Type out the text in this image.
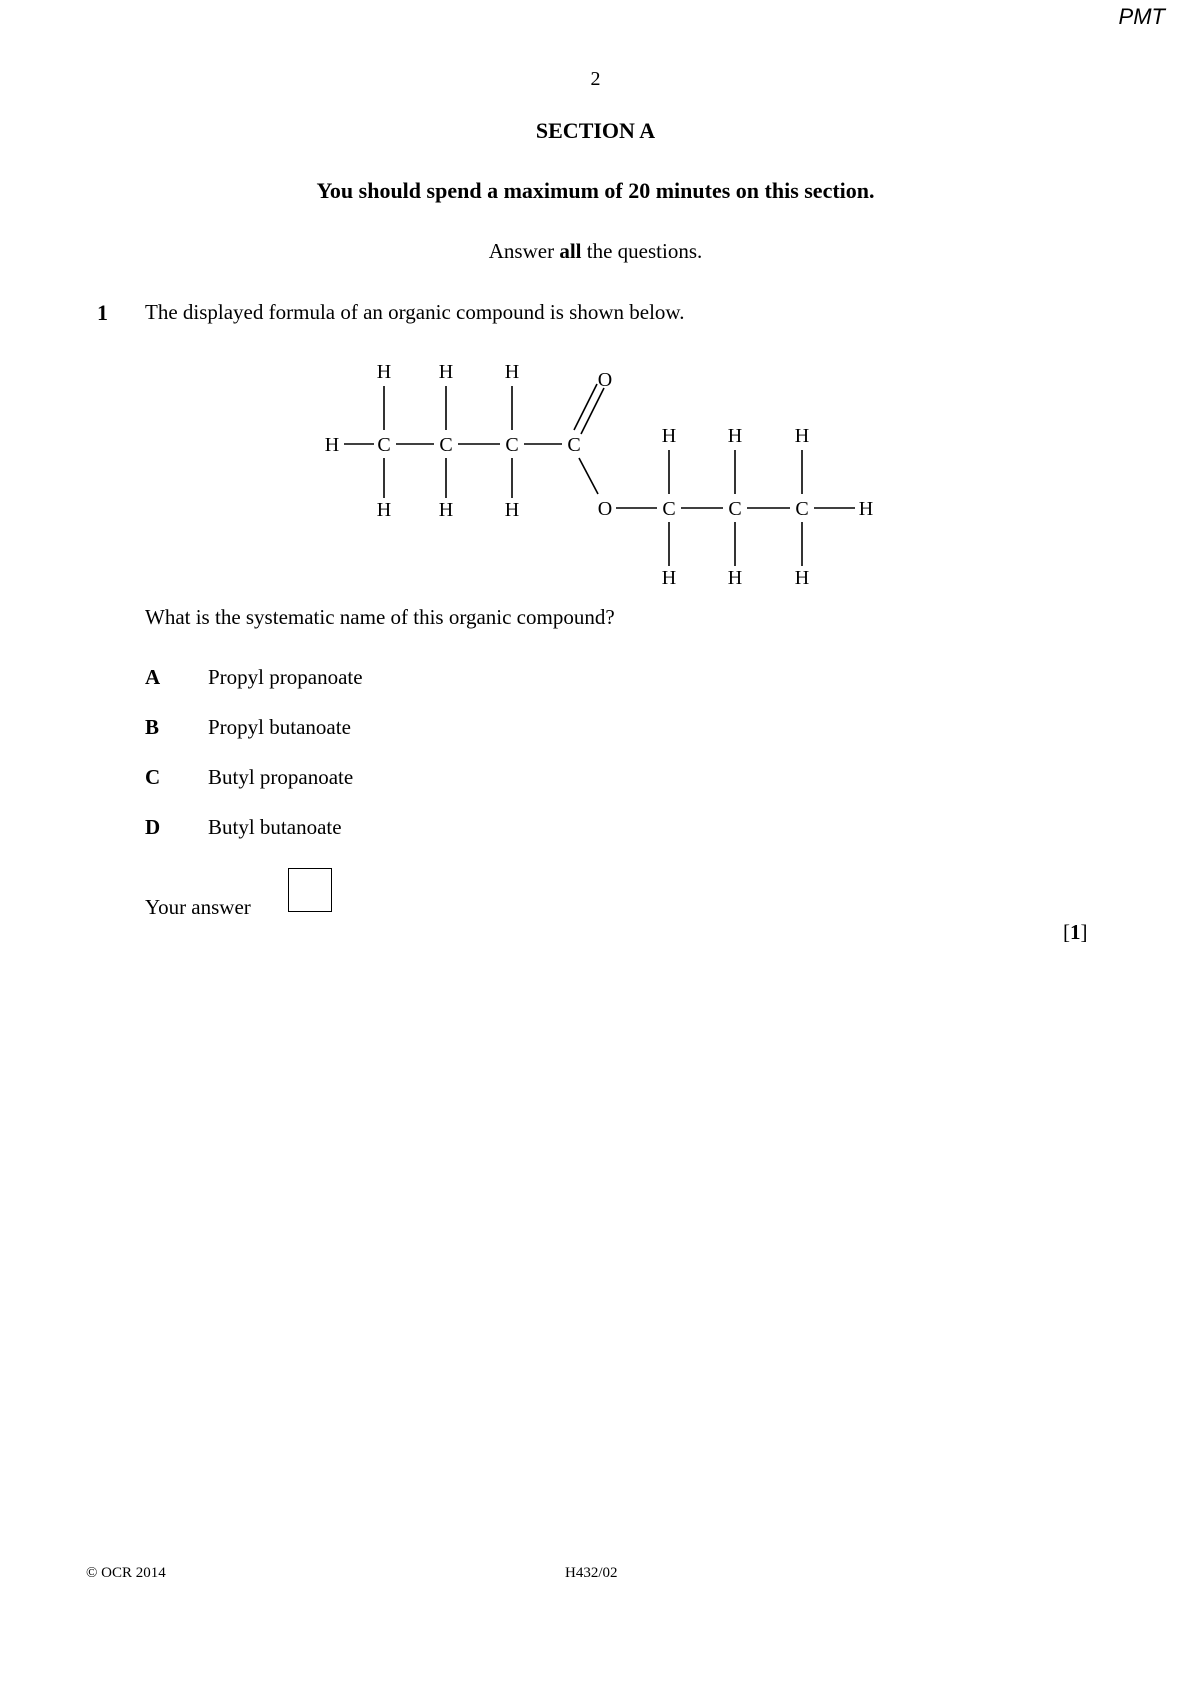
PMT
2
SECTION A
You should spend a maximum of 20 minutes on this section.
Answer all the questions.
1 The displayed formula of an organic compound is shown below.
H C C	C C
H H	H
H H	H
O
O	C	C	C	H
H	H	H
H	H	H
What is the systematic name of this organic compound?
A Propyl propanoate
B Propyl butanoate
C Butyl propanoate
D Butyl butanoate
Your answer
[1]
© OCR 2014	H432/02
